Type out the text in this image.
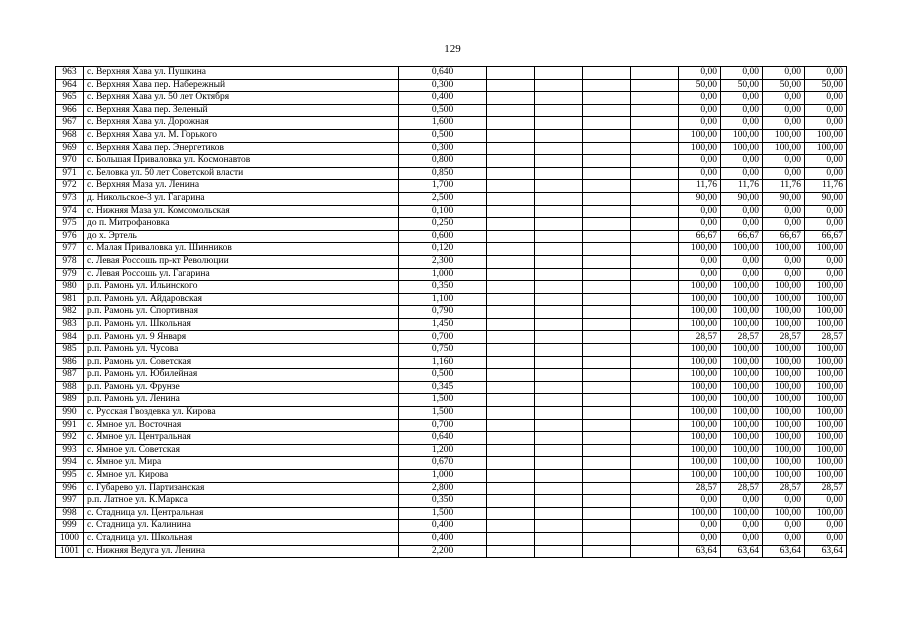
129
963	с. Верхняя Хава ул. Пушкина	0,640					0,00	0,00	0,00	0,00
964	с. Верхняя Хава пер. Набережный	0,300					50,00	50,00	50,00	50,00
965	с. Верхняя Хава ул. 50 лет Октября	0,400					0,00	0,00	0,00	0,00
966	с. Верхняя Хава пер. Зеленый	0,500					0,00	0,00	0,00	0,00
967	с. Верхняя Хава ул. Дорожная	1,600					0,00	0,00	0,00	0,00
968	с. Верхняя Хава ул. М. Горького	0,500					100,00	100,00	100,00	100,00
969	с. Верхняя Хава пер. Энергетиков	0,300					100,00	100,00	100,00	100,00
970	с. Большая Приваловка ул. Космонавтов	0,800					0,00	0,00	0,00	0,00
971	с. Беловка ул. 50 лет Советской власти	0,850					0,00	0,00	0,00	0,00
972	с. Верхняя Маза ул. Ленина	1,700					11,76	11,76	11,76	11,76
973	д. Никольское-3 ул. Гагарина	2,500					90,00	90,00	90,00	90,00
974	с. Нижняя Маза ул. Комсомольская	0,100					0,00	0,00	0,00	0,00
975	до п. Митрофановка	0,250					0,00	0,00	0,00	0,00
976	до х. Эртель	0,600					66,67	66,67	66,67	66,67
977	с. Малая Приваловка ул. Шинников	0,120					100,00	100,00	100,00	100,00
978	с. Левая Россошь пр-кт Революции	2,300					0,00	0,00	0,00	0,00
979	с. Левая Россошь ул. Гагарина	1,000					0,00	0,00	0,00	0,00
980	р.п. Рамонь ул. Ильинского	0,350					100,00	100,00	100,00	100,00
981	р.п. Рамонь ул. Айдаровская	1,100					100,00	100,00	100,00	100,00
982	р.п. Рамонь ул. Спортивная	0,790					100,00	100,00	100,00	100,00
983	р.п. Рамонь ул. Школьная	1,450					100,00	100,00	100,00	100,00
984	р.п. Рамонь ул. 9 Января	0,700					28,57	28,57	28,57	28,57
985	р.п. Рамонь ул. Чусова	0,750					100,00	100,00	100,00	100,00
986	р.п. Рамонь ул. Советская	1,160					100,00	100,00	100,00	100,00
987	р.п. Рамонь ул. Юбилейная	0,500					100,00	100,00	100,00	100,00
988	р.п. Рамонь ул. Фрунзе	0,345					100,00	100,00	100,00	100,00
989	р.п. Рамонь ул. Ленина	1,500					100,00	100,00	100,00	100,00
990	с. Русская Гвоздевка ул. Кирова	1,500					100,00	100,00	100,00	100,00
991	с. Ямное ул. Восточная	0,700					100,00	100,00	100,00	100,00
992	с. Ямное ул. Центральная	0,640					100,00	100,00	100,00	100,00
993	с. Ямное ул. Советская	1,200					100,00	100,00	100,00	100,00
994	с. Ямное ул. Мира	0,670					100,00	100,00	100,00	100,00
995	с. Ямное ул. Кирова	1,000					100,00	100,00	100,00	100,00
996	с. Губарево ул. Партизанская	2,800					28,57	28,57	28,57	28,57
997	р.п. Латное ул. К.Маркса	0,350					0,00	0,00	0,00	0,00
998	с. Стадница ул. Центральная	1,500					100,00	100,00	100,00	100,00
999	с. Стадница ул. Калинина	0,400					0,00	0,00	0,00	0,00
1000	с. Стадница ул. Школьная	0,400					0,00	0,00	0,00	0,00
1001	с. Нижняя Ведуга ул. Ленина	2,200					63,64	63,64	63,64	63,64
